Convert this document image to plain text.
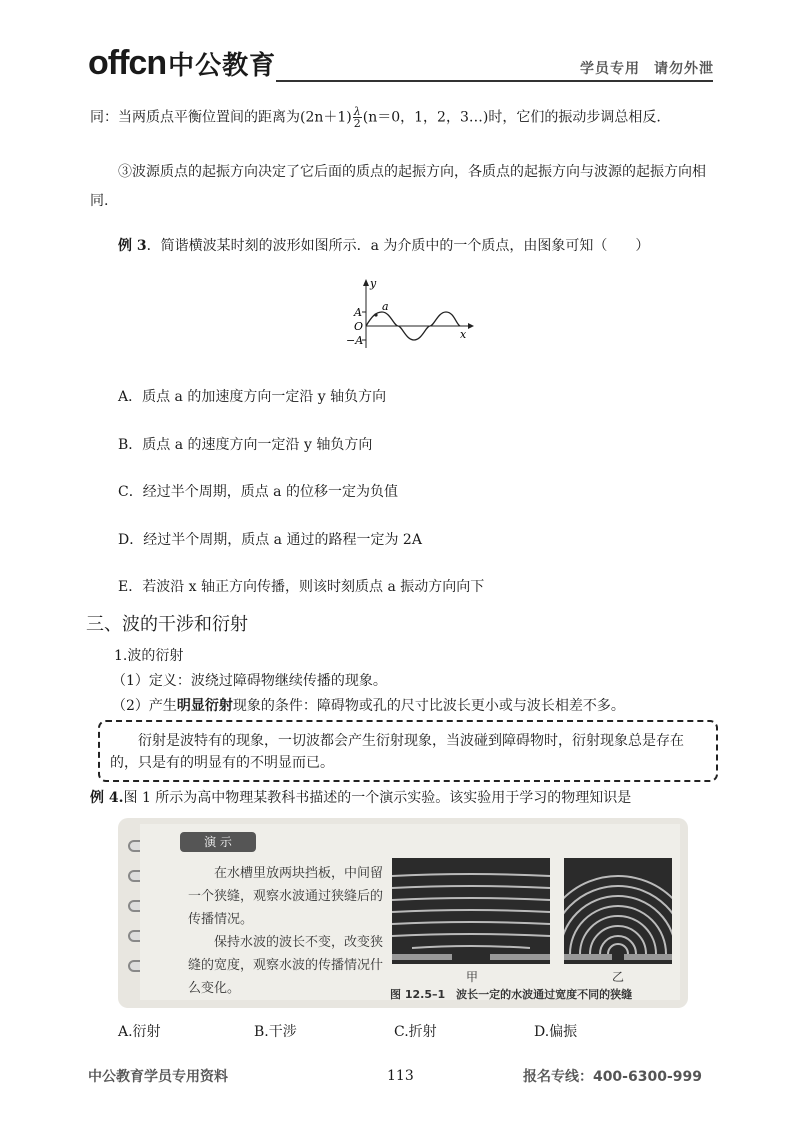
offcn中公教育	学员专用 请勿外泄
同：当两质点平衡位置间的距离为$(2n+1) \frac{\lambda}{2} (n=0$，1，2，3…)时，它们的振动步调总相反.
③波源质点的起振方向决定了它后面的质点的起振方向，各质点的起振方向与波源的起振方向相
同.
例 3．简谐横波某时刻的波形如图所示．a 为介质中的一个质点，由图象可知（　　）
y
x
A
O
−A
a
A．质点 a 的加速度方向一定沿 y 轴负方向
B．质点 a 的速度方向一定沿 y 轴负方向
C．经过半个周期，质点 a 的位移一定为负值
D．经过半个周期，质点 a 通过的路程一定为 2A
E．若波沿 x 轴正方向传播，则该时刻质点 a 振动方向向下
三、波的干涉和衍射
1.波的衍射
（1）定义：波绕过障碍物继续传播的现象。
（2）产生明显衍射现象的条件：障碍物或孔的尺寸比波长更小或与波长相差不多。
衍射是波特有的现象，一切波都会产生衍射现象，当波碰到障碍物时，衍射现象总是存在的，只是有的明显有的不明显而已。
例 4.图 1 所示为高中物理某教科书描述的一个演示实验。该实验用于学习的物理知识是
演 示

在水槽里放两块挡板，中间留一个狭缝，观察水波通过狭缝后的传播情况。

保持水波的波长不变，改变狭缝的宽度，观察水波的传播情况什么变化。

甲	乙
图 12.5–1　波长一定的水波通过宽度不同的狭缝
A.衍射	B.干涉	C.折射	D.偏振
中公教育学员专用资料	113	报名专线：400-6300-999
